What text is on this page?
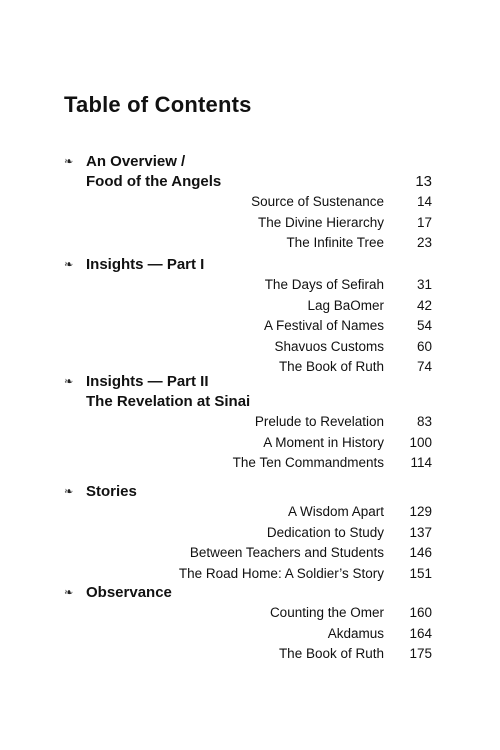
Table of Contents
❧ An Overview /
Food of the Angels	13
Source of Sustenance	14
The Divine Hierarchy	17
The Infinite Tree	23
❧ Insights — Part I
The Days of Sefirah	31
Lag BaOmer	42
A Festival of Names	54
Shavuos Customs	60
The Book of Ruth	74
❧ Insights — Part II
The Revelation at Sinai
Prelude to Revelation	83
A Moment in History	100
The Ten Commandments	114
❧ Stories
A Wisdom Apart	129
Dedication to Study	137
Between Teachers and Students	146
The Road Home: A Soldier’s Story	151
❧ Observance
Counting the Omer	160
Akdamus	164
The Book of Ruth	175
